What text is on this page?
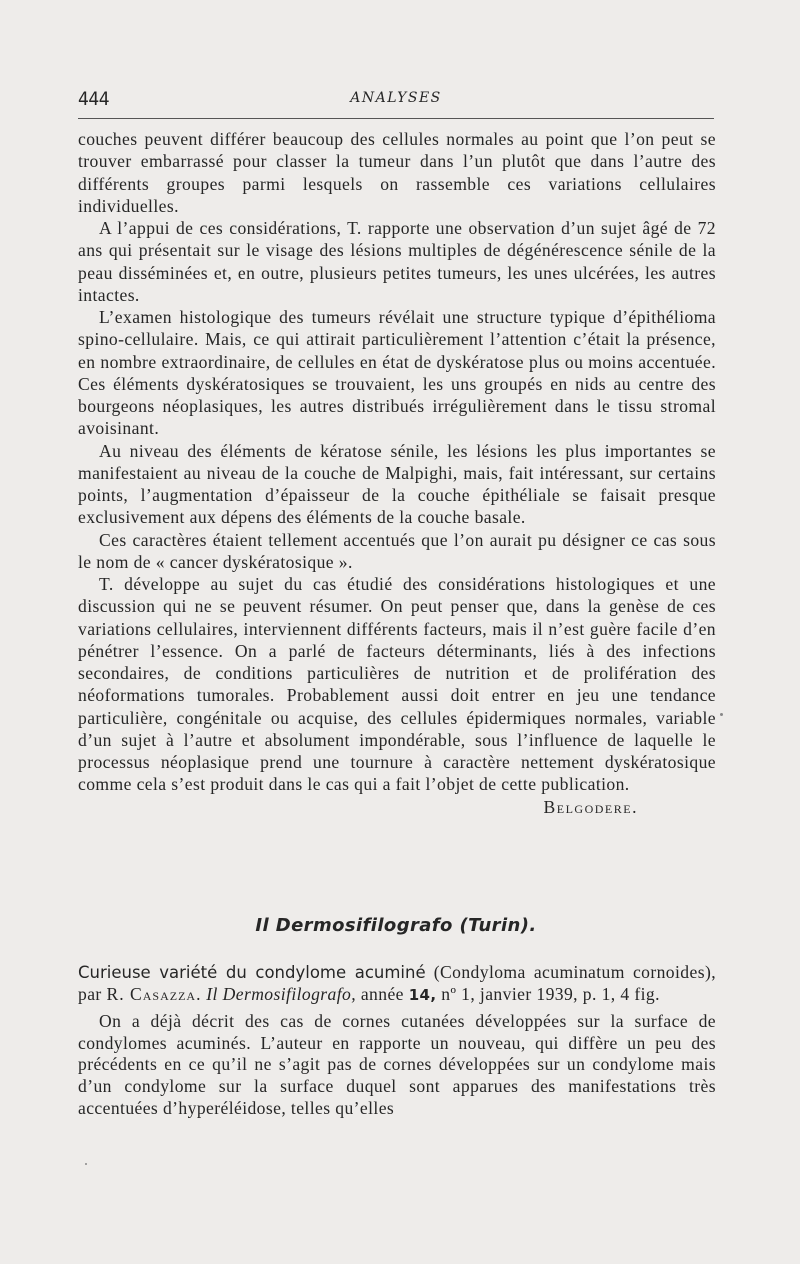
444	ANALYSES

couches peuvent différer beaucoup des cellules normales au point que l’on peut se trouver embarrassé pour classer la tumeur dans l’un plutôt que dans l’autre des différents groupes parmi lesquels on rassemble ces variations cellulaires individuelles.

A l’appui de ces considérations, T. rapporte une observation d’un sujet âgé de 72 ans qui présentait sur le visage des lésions multiples de dégénérescence sénile de la peau disséminées et, en outre, plusieurs petites tumeurs, les unes ulcérées, les autres intactes.

L’examen histologique des tumeurs révélait une structure typique d’épithélioma spino-cellulaire. Mais, ce qui attirait particulièrement l’attention c’était la présence, en nombre extraordinaire, de cellules en état de dyskératose plus ou moins accentuée. Ces éléments dyskératosiques se trouvaient, les uns groupés en nids au centre des bourgeons néoplasiques, les autres distribués irrégulièrement dans le tissu stromal avoisinant.

Au niveau des éléments de kératose sénile, les lésions les plus importantes se manifestaient au niveau de la couche de Malpighi, mais, fait intéressant, sur certains points, l’augmentation d’épaisseur de la couche épithéliale se faisait presque exclusivement aux dépens des éléments de la couche basale.

Ces caractères étaient tellement accentués que l’on aurait pu désigner ce cas sous le nom de « cancer dyskératosique ».

T. développe au sujet du cas étudié des considérations histologiques et une discussion qui ne se peuvent résumer. On peut penser que, dans la genèse de ces variations cellulaires, interviennent différents facteurs, mais il n’est guère facile d’en pénétrer l’essence. On a parlé de facteurs déterminants, liés à des infections secondaires, de conditions particulières de nutrition et de prolifération des néoformations tumorales. Probablement aussi doit entrer en jeu une tendance particulière, congénitale ou acquise, des cellules épidermiques normales, variable d’un sujet à l’autre et absolument impondérable, sous l’influence de laquelle le processus néoplasique prend une tournure à caractère nettement dyskératosique comme cela s’est produit dans le cas qui a fait l’objet de cette publication.

Belgodere.
Il Dermosifilografo (Turin).

Curieuse variété du condylome acuminé (Condyloma acuminatum cornoides), par R. Casazza. Il Dermosifilografo, année 14, nº 1, janvier 1939, p. 1, 4 fig.

On a déjà décrit des cas de cornes cutanées développées sur la surface de condylomes acuminés. L’auteur en rapporte un nouveau, qui diffère un peu des précédents en ce qu’il ne s’agit pas de cornes développées sur un condylome mais d’un condylome sur la surface duquel sont apparues des manifestations très accentuées d’hyperéléidose, telles qu’elles
